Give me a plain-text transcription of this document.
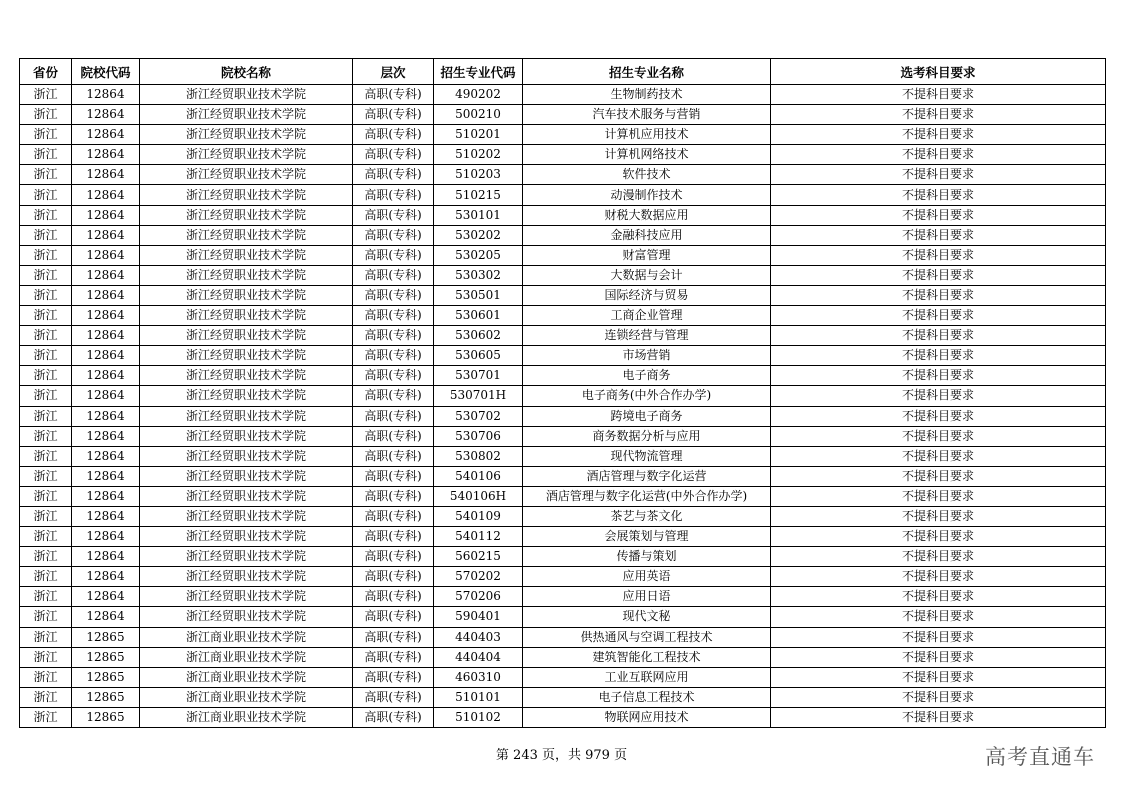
省份	院校代码	院校名称	层次	招生专业代码	招生专业名称	选考科目要求
浙江	12864	浙江经贸职业技术学院	高职(专科)	490202	生物制药技术	不提科目要求
浙江	12864	浙江经贸职业技术学院	高职(专科)	500210	汽车技术服务与营销	不提科目要求
浙江	12864	浙江经贸职业技术学院	高职(专科)	510201	计算机应用技术	不提科目要求
浙江	12864	浙江经贸职业技术学院	高职(专科)	510202	计算机网络技术	不提科目要求
浙江	12864	浙江经贸职业技术学院	高职(专科)	510203	软件技术	不提科目要求
浙江	12864	浙江经贸职业技术学院	高职(专科)	510215	动漫制作技术	不提科目要求
浙江	12864	浙江经贸职业技术学院	高职(专科)	530101	财税大数据应用	不提科目要求
浙江	12864	浙江经贸职业技术学院	高职(专科)	530202	金融科技应用	不提科目要求
浙江	12864	浙江经贸职业技术学院	高职(专科)	530205	财富管理	不提科目要求
浙江	12864	浙江经贸职业技术学院	高职(专科)	530302	大数据与会计	不提科目要求
浙江	12864	浙江经贸职业技术学院	高职(专科)	530501	国际经济与贸易	不提科目要求
浙江	12864	浙江经贸职业技术学院	高职(专科)	530601	工商企业管理	不提科目要求
浙江	12864	浙江经贸职业技术学院	高职(专科)	530602	连锁经营与管理	不提科目要求
浙江	12864	浙江经贸职业技术学院	高职(专科)	530605	市场营销	不提科目要求
浙江	12864	浙江经贸职业技术学院	高职(专科)	530701	电子商务	不提科目要求
浙江	12864	浙江经贸职业技术学院	高职(专科)	530701H	电子商务(中外合作办学)	不提科目要求
浙江	12864	浙江经贸职业技术学院	高职(专科)	530702	跨境电子商务	不提科目要求
浙江	12864	浙江经贸职业技术学院	高职(专科)	530706	商务数据分析与应用	不提科目要求
浙江	12864	浙江经贸职业技术学院	高职(专科)	530802	现代物流管理	不提科目要求
浙江	12864	浙江经贸职业技术学院	高职(专科)	540106	酒店管理与数字化运营	不提科目要求
浙江	12864	浙江经贸职业技术学院	高职(专科)	540106H	酒店管理与数字化运营(中外合作办学)	不提科目要求
浙江	12864	浙江经贸职业技术学院	高职(专科)	540109	茶艺与茶文化	不提科目要求
浙江	12864	浙江经贸职业技术学院	高职(专科)	540112	会展策划与管理	不提科目要求
浙江	12864	浙江经贸职业技术学院	高职(专科)	560215	传播与策划	不提科目要求
浙江	12864	浙江经贸职业技术学院	高职(专科)	570202	应用英语	不提科目要求
浙江	12864	浙江经贸职业技术学院	高职(专科)	570206	应用日语	不提科目要求
浙江	12864	浙江经贸职业技术学院	高职(专科)	590401	现代文秘	不提科目要求
浙江	12865	浙江商业职业技术学院	高职(专科)	440403	供热通风与空调工程技术	不提科目要求
浙江	12865	浙江商业职业技术学院	高职(专科)	440404	建筑智能化工程技术	不提科目要求
浙江	12865	浙江商业职业技术学院	高职(专科)	460310	工业互联网应用	不提科目要求
浙江	12865	浙江商业职业技术学院	高职(专科)	510101	电子信息工程技术	不提科目要求
浙江	12865	浙江商业职业技术学院	高职(专科)	510102	物联网应用技术	不提科目要求
第 243 页，共 979 页	高考直通车
